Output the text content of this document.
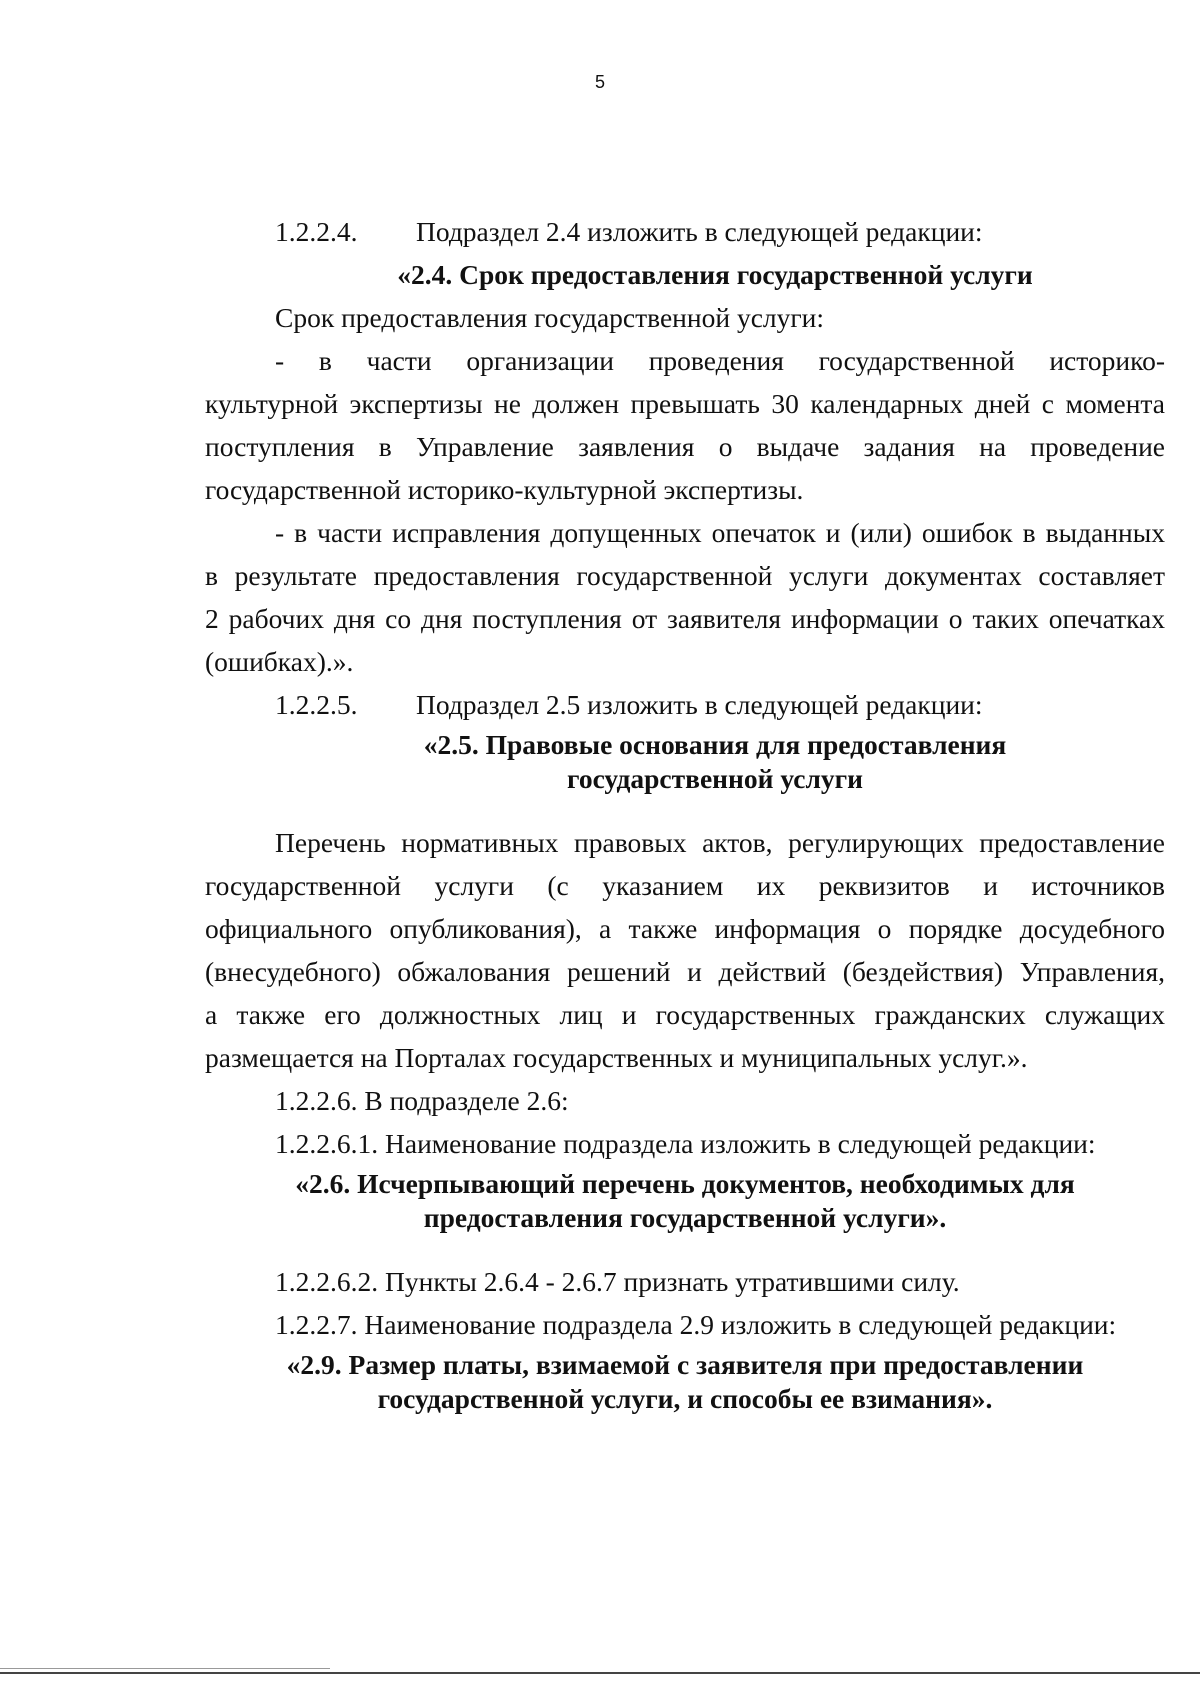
5
1.2.2.4. Подраздел 2.4 изложить в следующей редакции:
«2.4. Срок предоставления государственной услуги
Срок предоставления государственной услуги:
- в части организации проведения государственной историко-
культурной экспертизы не должен превышать 30 календарных дней с момента
поступления в Управление заявления о выдаче задания на проведение
государственной историко-культурной экспертизы.
- в части исправления допущенных опечаток и (или) ошибок в выданных
в результате предоставления государственной услуги документах составляет
2 рабочих дня со дня поступления от заявителя информации о таких опечатках
(ошибках).».
1.2.2.5. Подраздел 2.5 изложить в следующей редакции:
«2.5. Правовые основания для предоставления
государственной услуги
Перечень нормативных правовых актов, регулирующих предоставление
государственной услуги (с указанием их реквизитов и источников
официального опубликования), а также информация о порядке досудебного
(внесудебного) обжалования решений и действий (бездействия) Управления,
а также его должностных лиц и государственных гражданских служащих
размещается на Порталах государственных и муниципальных услуг.».
1.2.2.6. В подразделе 2.6:
1.2.2.6.1. Наименование подраздела изложить в следующей редакции:
«2.6. Исчерпывающий перечень документов, необходимых для
предоставления государственной услуги».
1.2.2.6.2. Пункты 2.6.4 - 2.6.7 признать утратившими силу.
1.2.2.7. Наименование подраздела 2.9 изложить в следующей редакции:
«2.9. Размер платы, взимаемой с заявителя при предоставлении
государственной услуги, и способы ее взимания».
